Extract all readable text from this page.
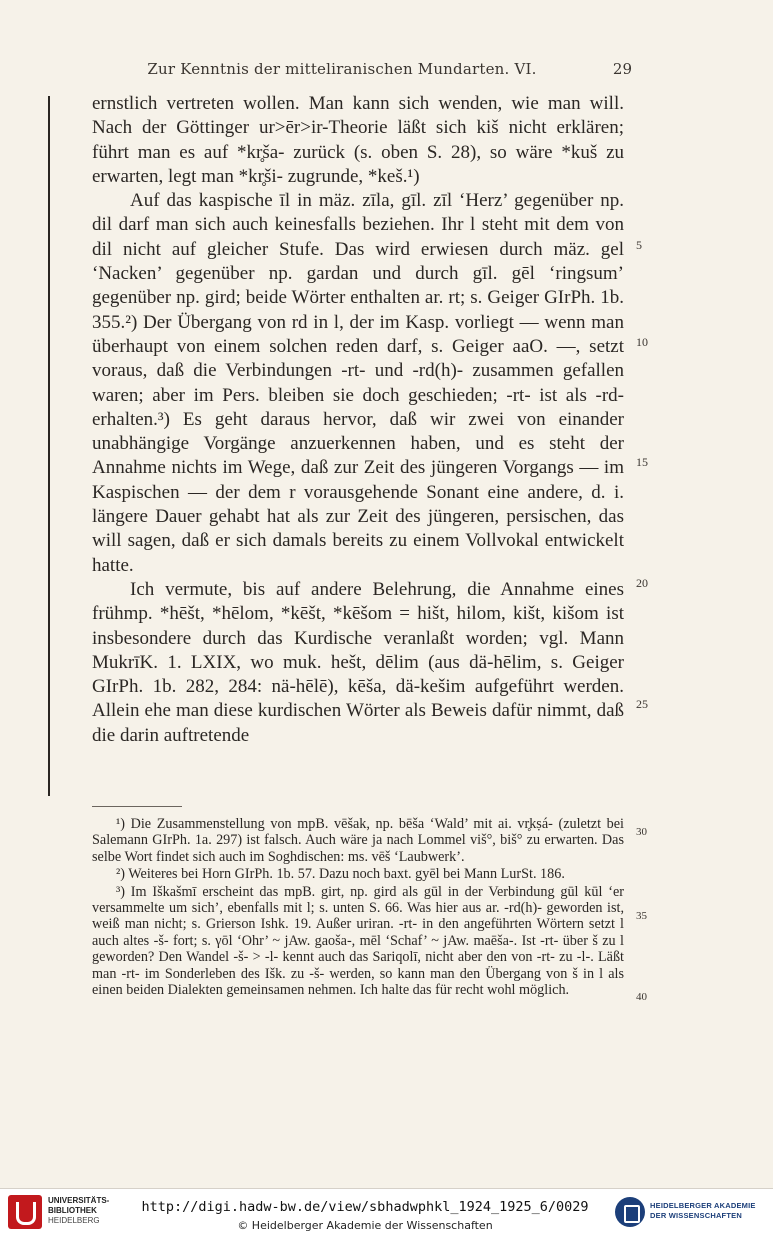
Zur Kenntnis der mitteliranischen Mundarten. VI.	29

ernstlich vertreten wollen. Man kann sich wenden, wie man will. Nach der Göttinger ur>ēr>ir-Theorie läßt sich kiš nicht erklären; führt man es auf *kr̥ša- zurück (s. oben S. 28), so wäre *kuš zu erwarten, legt man *kr̥ši- zugrunde, *keš.¹)

Auf das kaspische īl in mäz. zīla, gīl. zīl ‘Herz’ gegenüber np. dil darf man sich auch keinesfalls beziehen. Ihr l steht mit dem von dil nicht auf gleicher Stufe. Das wird erwiesen durch mäz. gel ‘Nacken’ gegenüber np. gardan und durch gīl. gēl ‘ringsum’ gegenüber np. gird; beide Wörter enthalten ar. rt; s. Geiger GIrPh. 1b. 355.²) Der Übergang von rd in l, der im Kasp. vorliegt — wenn man überhaupt von einem solchen reden darf, s. Geiger aaO. —, setzt voraus, daß die Verbindungen -rt- und -rd(h)- zusammen gefallen waren; aber im Pers. bleiben sie doch geschieden; -rt- ist als -rd- erhalten.³) Es geht daraus hervor, daß wir zwei von einander unabhängige Vorgänge anzuerkennen haben, und es steht der Annahme nichts im Wege, daß zur Zeit des jüngeren Vorgangs — im Kaspischen — der dem r vorausgehende Sonant eine andere, d. i. längere Dauer gehabt hat als zur Zeit des jüngeren, persischen, das will sagen, daß er sich damals bereits zu einem Vollvokal entwickelt hatte.

Ich vermute, bis auf andere Belehrung, die Annahme eines frühmp. *hēšt, *hēlom, *kēšt, *kēšom = hišt, hilom, kišt, kišom ist insbesondere durch das Kurdische veranlaßt worden; vgl. Mann MukrīK. 1. LXIX, wo muk. hešt, dēlim (aus dä-hēlim, s. Geiger GIrPh. 1b. 282, 284: nä-hēlē), kēša, dä-kešim aufgeführt werden. Allein ehe man diese kurdischen Wörter als Beweis dafür nimmt, daß die darin auftretende

5
10
15
20
25

¹) Die Zusammenstellung von mpB. vēšak, np. bēša ‘Wald’ mit ai. vr̥kṣá- (zuletzt bei Salemann GIrPh. 1a. 297) ist falsch. Auch wäre ja nach Lommel viš°, biš° zu erwarten. Das selbe Wort findet sich auch im Soghdischen: ms. vēš ‘Laubwerk’.

²) Weiteres bei Horn GIrPh. 1b. 57. Dazu noch baxt. gyēl bei Mann LurSt. 186.

³) Im Iškašmī erscheint das mpB. girt, np. gird als gūl in der Verbindung gūl kūl ‘er versammelte um sich’, ebenfalls mit l; s. unten S. 66. Was hier aus ar. -rd(h)- geworden ist, weiß man nicht; s. Grierson Ishk. 19. Außer uriran. -rt- in den angeführten Wörtern setzt l auch altes -š- fort; s. γōl ‘Ohr’ ~ jAw. gaoša-, mēl ‘Schaf’ ~ jAw. maēša-. Ist -rt- über š zu l geworden? Den Wandel -š- > -l- kennt auch das Sariqolī, nicht aber den von -rt- zu -l-. Läßt man -rt- im Sonderleben des Išk. zu -š- werden, so kann man den Übergang von š in l als einen beiden Dialekten gemeinsamen nehmen. Ich halte das für recht wohl möglich.

30
35
40
UNIVERSITÄTS-
BIBLIOTHEK
HEIDELBERG
http://digi.hadw-bw.de/view/sbhadwphkl_1924_1925_6/0029
© Heidelberger Akademie der Wissenschaften
HEIDELBERGER AKADEMIE
DER WISSENSCHAFTEN
